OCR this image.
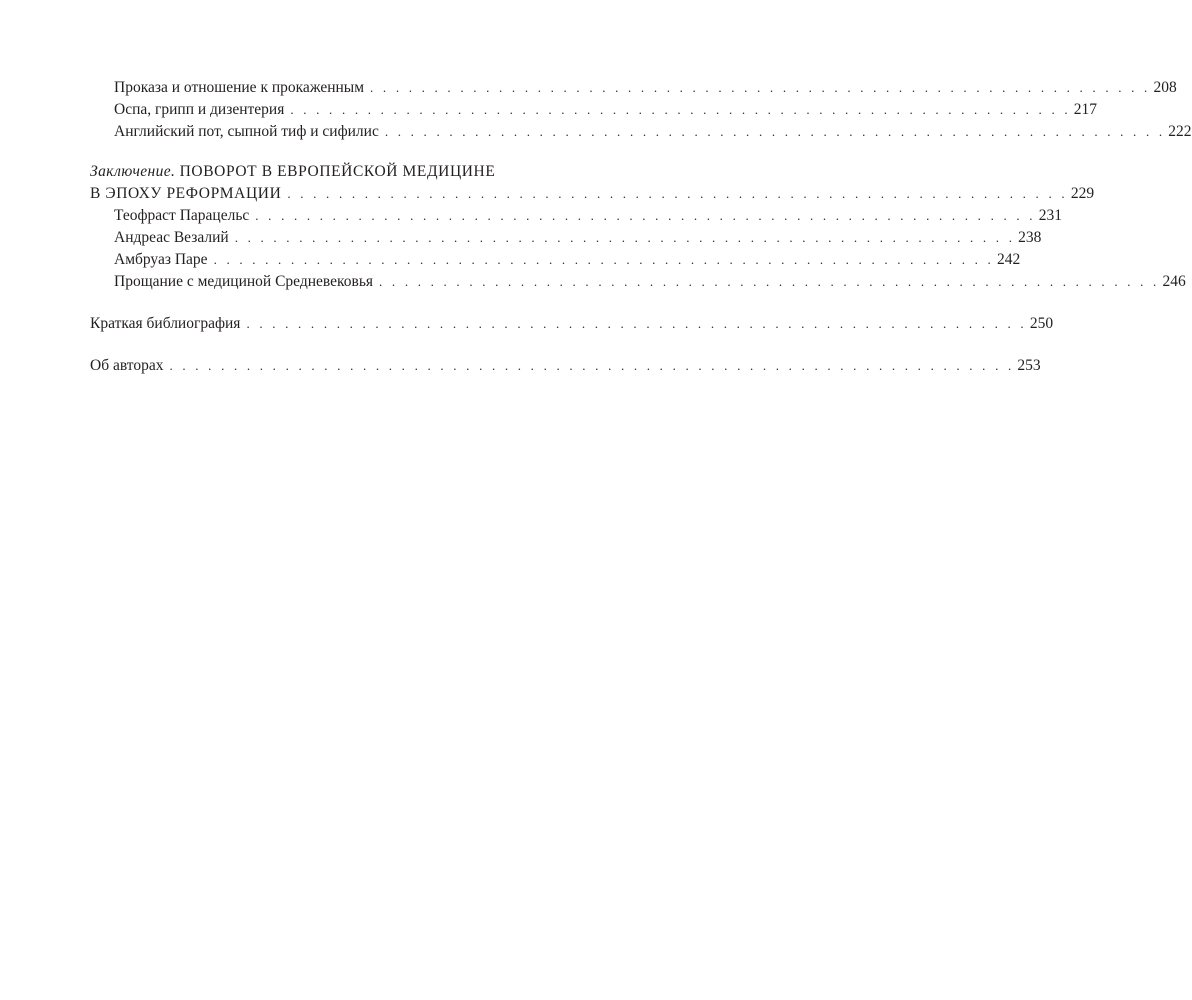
Проказа и отношение к прокаженным . . . . . . . . . . . . . . . . . . . . . . . . . . . . . . . . . . . . . . . . . . . . . . . . . . . . . . . . . . . . . 208
Оспа, грипп и дизентерия . . . . . . . . . . . . . . . . . . . . . . . . . . . . . . . . . . . . . . . . . . . . . . . . . . . . . . . . . . . . . 217
Английский пот, сыпной тиф и сифилис . . . . . . . . . . . . . . . . . . . . . . . . . . . . . . . . . . . . . . . . . . . . . . . . . . . . . . . . . . . . . 222
Заключение. ПОВОРОТ В ЕВРОПЕЙСКОЙ МЕДИЦИНЕ
В ЭПОХУ РЕФОРМАЦИИ . . . . . . . . . . . . . . . . . . . . . . . . . . . . . . . . . . . . . . . . . . . . . . . . . . . . . . . . . . . . . 229
Теофраст Парацельс . . . . . . . . . . . . . . . . . . . . . . . . . . . . . . . . . . . . . . . . . . . . . . . . . . . . . . . . . . . . . 231
Андреас Везалий . . . . . . . . . . . . . . . . . . . . . . . . . . . . . . . . . . . . . . . . . . . . . . . . . . . . . . . . . . . . . 238
Амбруаз Паре . . . . . . . . . . . . . . . . . . . . . . . . . . . . . . . . . . . . . . . . . . . . . . . . . . . . . . . . . . . . . 242
Прощание с медициной Средневековья . . . . . . . . . . . . . . . . . . . . . . . . . . . . . . . . . . . . . . . . . . . . . . . . . . . . . . . . . . . . . 246
Краткая библиография . . . . . . . . . . . . . . . . . . . . . . . . . . . . . . . . . . . . . . . . . . . . . . . . . . . . . . . . . . . . . 250
Об авторах . . . . . . . . . . . . . . . . . . . . . . . . . . . . . . . . . . . . . . . . . . . . . . . . . . . . . . . . . . . . . . . . . . 253
